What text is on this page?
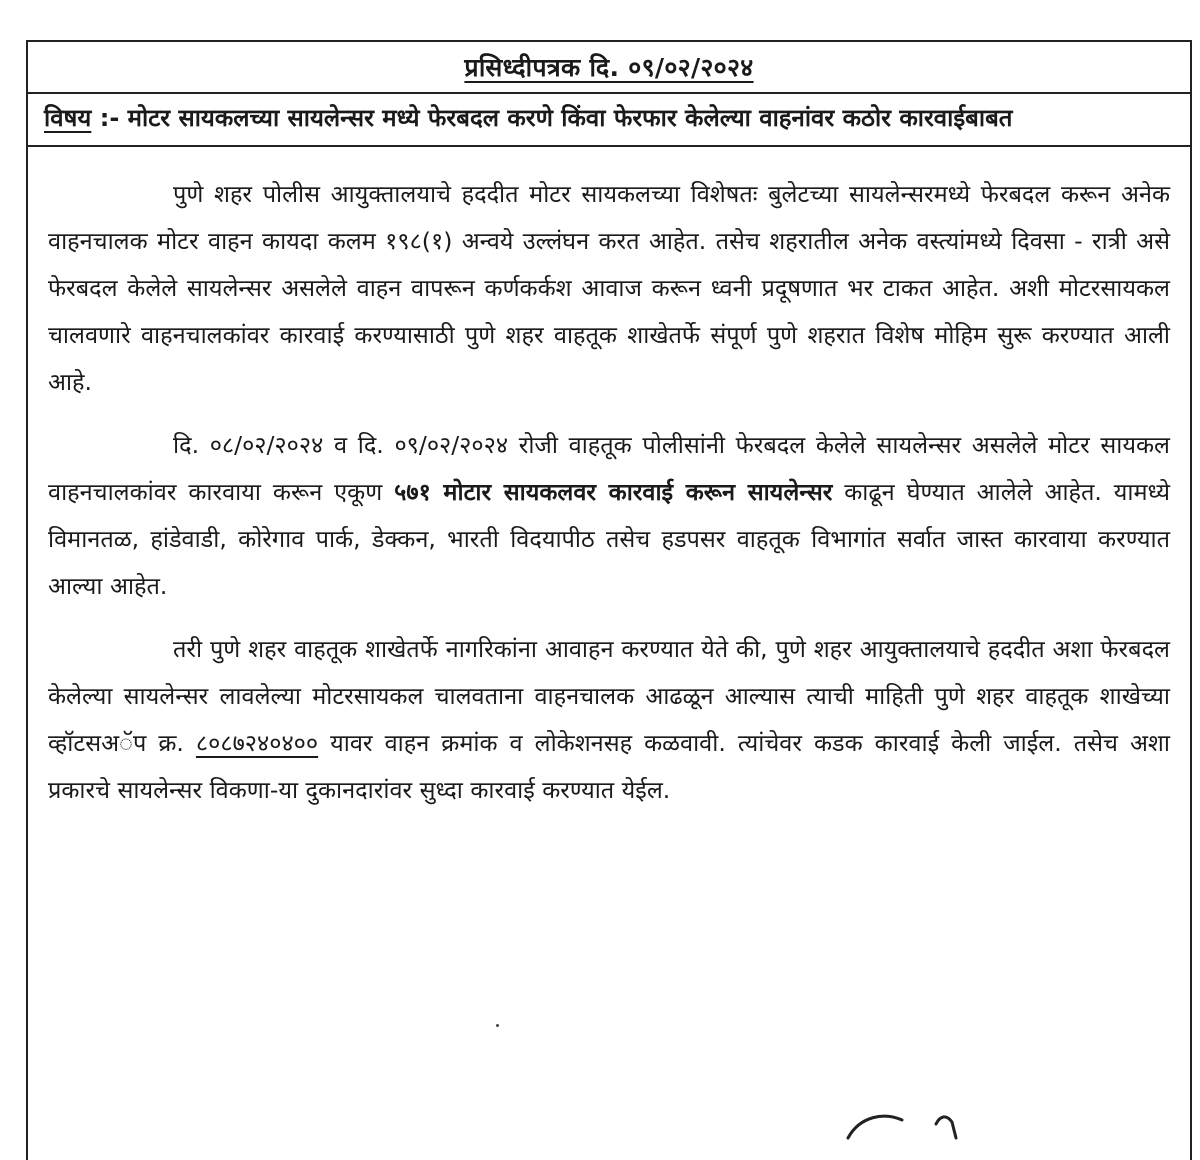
प्रसिध्दीपत्रक दि. ०९/०२/२०२४
विषय :- मोटर सायकलच्या सायलेन्सर मध्ये फेरबदल करणे किंवा फेरफार केलेल्या वाहनांवर कठोर कारवाईबाबत

पुणे शहर पोलीस आयुक्तालयाचे हददीत मोटर सायकलच्या विशेषतः बुलेटच्या सायलेन्सरमध्ये फेरबदल करून अनेक वाहनचालक मोटर वाहन कायदा कलम १९८(१) अन्वये उल्लंघन करत आहेत. तसेच शहरातील अनेक वस्त्यांमध्ये दिवसा - रात्री असे फेरबदल केलेले सायलेन्सर असलेले वाहन वापरून कर्णकर्कश आवाज करून ध्वनी प्रदूषणात भर टाकत आहेत. अशी मोटरसायकल चालवणारे वाहनचालकांवर कारवाई करण्यासाठी पुणे शहर वाहतूक शाखेतर्फे संपूर्ण पुणे शहरात विशेष मोहिम सुरू करण्यात आली आहे.

दि. ०८/०२/२०२४ व दि. ०९/०२/२०२४ रोजी वाहतूक पोलीसांनी फेरबदल केलेले सायलेन्सर असलेले मोटर सायकल वाहनचालकांवर कारवाया करून एकूण ५७१ मोटार सायकलवर कारवाई करून सायलेन्सर काढून घेण्यात आलेले आहेत. यामध्ये विमानतळ, हांडेवाडी, कोरेगाव पार्क, डेक्कन, भारती विदयापीठ तसेच हडपसर वाहतूक विभागांत सर्वात जास्त कारवाया करण्यात आल्या आहेत.

तरी पुणे शहर वाहतूक शाखेतर्फे नागरिकांना आवाहन करण्यात येते की, पुणे शहर आयुक्तालयाचे हददीत अशा फेरबदल केलेल्या सायलेन्सर लावलेल्या मोटरसायकल चालवताना वाहनचालक आढळून आल्यास त्याची माहिती पुणे शहर वाहतूक शाखेच्या व्हॉटसअॅप क्र. ८०८७२४०४०० यावर वाहन क्रमांक व लोकेशनसह कळवावी. त्यांचेवर कडक कारवाई केली जाईल. तसेच अशा प्रकारचे सायलेन्सर विकणा-या दुकानदारांवर सुध्दा कारवाई करण्यात येईल.
